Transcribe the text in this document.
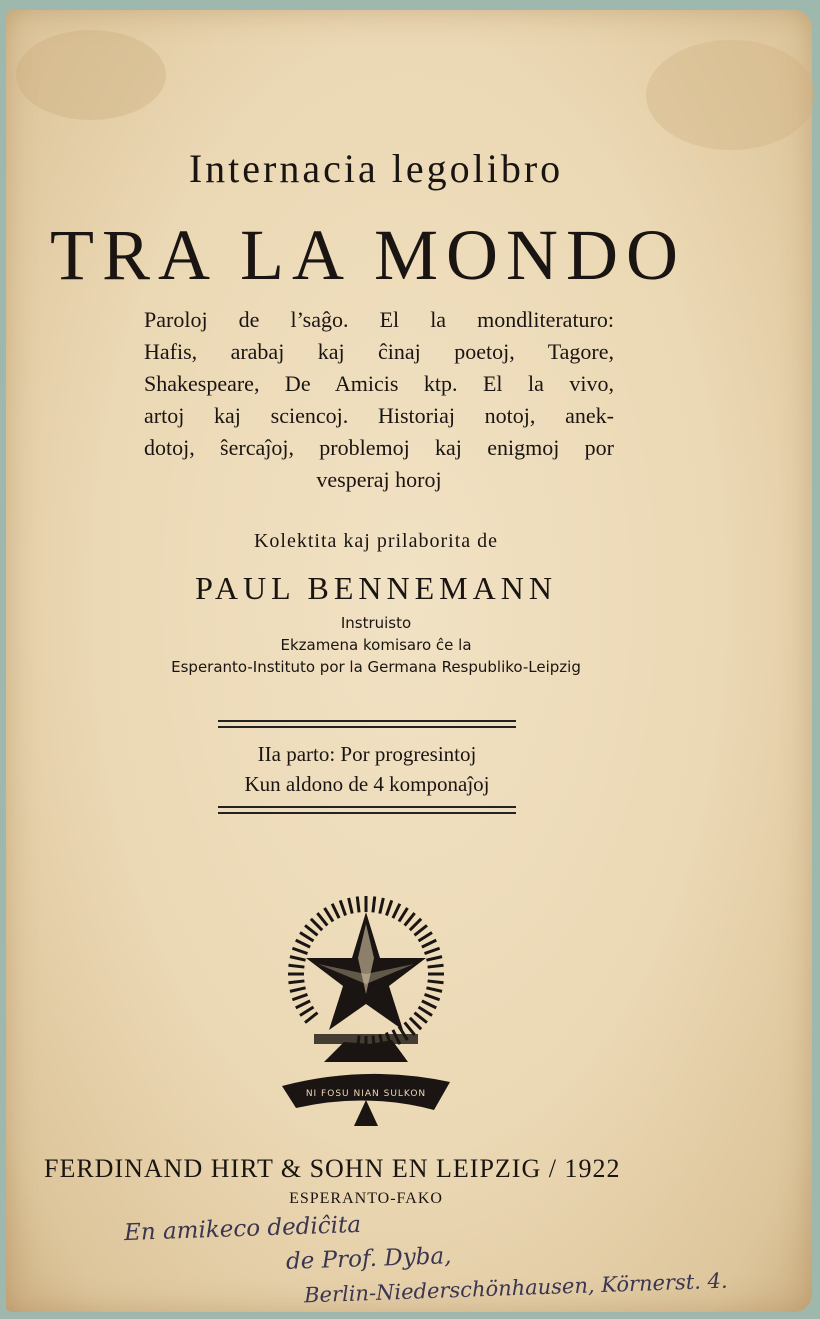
Internacia legolibro
TRA LA MONDO
Paroloj de l’saĝo. El la mondliteraturo:
Hafis, arabaj kaj ĉinaj poetoj, Tagore,
Shakespeare, De Amicis ktp. El la vivo,
artoj kaj sciencoj. Historiaj notoj, anek-
dotoj, ŝercaĵoj, problemoj kaj enigmoj por
vesperaj horoj
Kolektita kaj prilaborita de
PAUL BENNEMANN
Instruisto
Ekzamena komisaro ĉe la
Esperanto-Instituto por la Germana Respubliko-Leipzig
IIa parto: Por progresintoj
Kun aldono de 4 komponaĵoj
NI FOSU NIAN SULKON
FERDINAND HIRT & SOHN EN LEIPZIG / 1922
ESPERANTO-FAKO
En amikeco dediĉita
de Prof. Dyba,
Berlin-Niederschönhausen, Körnerst. 4.
